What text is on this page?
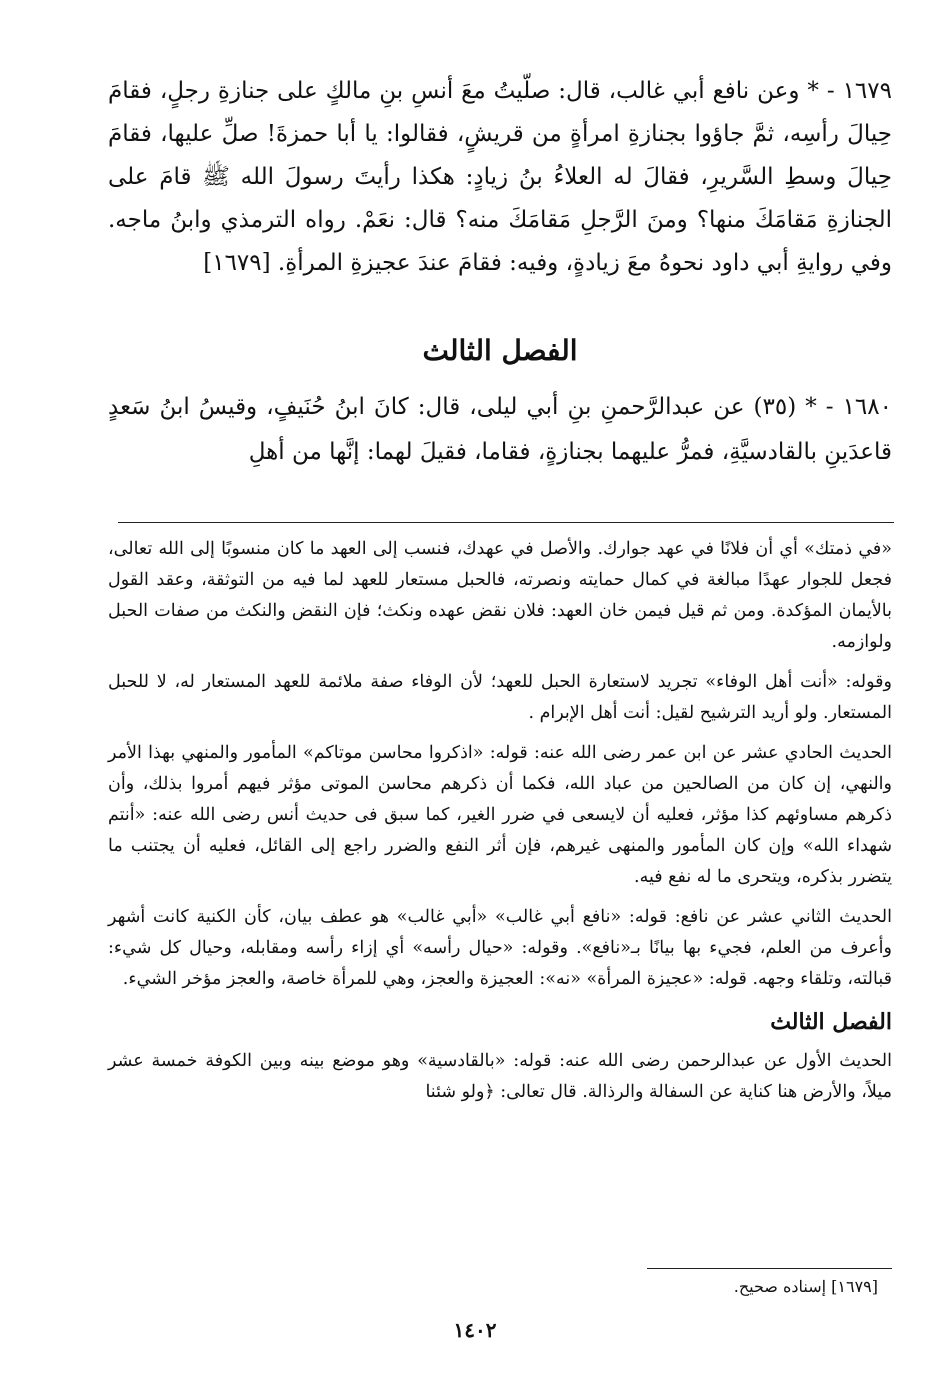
١٦٧٩ - * وعن نافع أبي غالب، قال: صلّيتُ معَ أنسِ بنِ مالكٍ على جنازةِ رجلٍ، فقامَ حِيالَ رأسِه، ثمَّ جاؤوا بجنازةِ امرأةٍ من قريشٍ، فقالوا: يا أبا حمزةَ! صلِّ عليها، فقامَ حِيالَ وسطِ السَّريرِ، فقالَ له العلاءُ بنُ زيادٍ: هكذا رأيتَ رسولَ الله ﷺ قامَ على الجنازةِ مَقامَكَ منها؟ ومنَ الرَّجلِ مَقامَكَ منه؟ قال: نعَمْ. رواه الترمذي وابنُ ماجه. وفي روايةِ أبي داود نحوهُ معَ زيادةٍ، وفيه: فقامَ عندَ عجيزةِ المرأةِ. [١٦٧٩]

الفصل الثالث

١٦٨٠ - * (٣٥) عن عبدالرَّحمنِ بنِ أبي ليلى، قال: كانَ ابنُ حُنَيفٍ، وقيسُ ابنُ سَعدٍ قاعدَينِ بالقادسيَّةِ، فمرُّ عليهما بجنازةٍ، فقاما، فقيلَ لهما: إنَّها من أهلِ

«في ذمتك» أي أن فلانًا في عهد جوارك. والأصل في عهدك، فنسب إلى العهد ما كان منسوبًا إلى الله تعالى، فجعل للجوار عهدًا مبالغة في كمال حمايته ونصرته، فالحبل مستعار للعهد لما فيه من التوثقة، وعقد القول بالأيمان المؤكدة. ومن ثم قيل فيمن خان العهد: فلان نقض عهده ونكث؛ فإن النقض والنكث من صفات الحبل ولوازمه.

وقوله: «أنت أهل الوفاء» تجريد لاستعارة الحبل للعهد؛ لأن الوفاء صفة ملائمة للعهد المستعار له، لا للحبل المستعار. ولو أريد الترشيح لقيل: أنت أهل الإبرام .

الحديث الحادي عشر عن ابن عمر رضى الله عنه: قوله: «اذكروا محاسن موتاكم» المأمور والمنهي بهذا الأمر والنهي، إن كان من الصالحين من عباد الله، فكما أن ذكرهم محاسن الموتى مؤثر فيهم أمروا بذلك، وأن ذكرهم مساوئهم كذا مؤثر، فعليه أن لايسعى في ضرر الغير، كما سبق فى حديث أنس رضى الله عنه: «أنتم شهداء الله» وإن كان المأمور والمنهى غيرهم، فإن أثر النفع والضرر راجع إلى القائل، فعليه أن يجتنب ما يتضرر بذكره، ويتحرى ما له نفع فيه.

الحديث الثاني عشر عن نافع: قوله: «نافع أبي غالب» «أبي غالب» هو عطف بيان، كأن الكنية كانت أشهر وأعرف من العلم، فجيء بها بيانًا بـ«نافع». وقوله: «حيال رأسه» أي إزاء رأسه ومقابله، وحيال كل شيء: قبالته، وتلقاء وجهه. قوله: «عجيزة المرأة» «نه»: العجيزة والعجز، وهي للمرأة خاصة، والعجز مؤخر الشيء.

الفصل الثالث

الحديث الأول عن عبدالرحمن رضى الله عنه: قوله: «بالقادسية» وهو موضع بينه وبين الكوفة خمسة عشر ميلاً، والأرض هنا كناية عن السفالة والرذالة. قال تعالى: ﴿ولو شئنا

[١٦٧٩] إسناده صحيح.
١٤٠٢
